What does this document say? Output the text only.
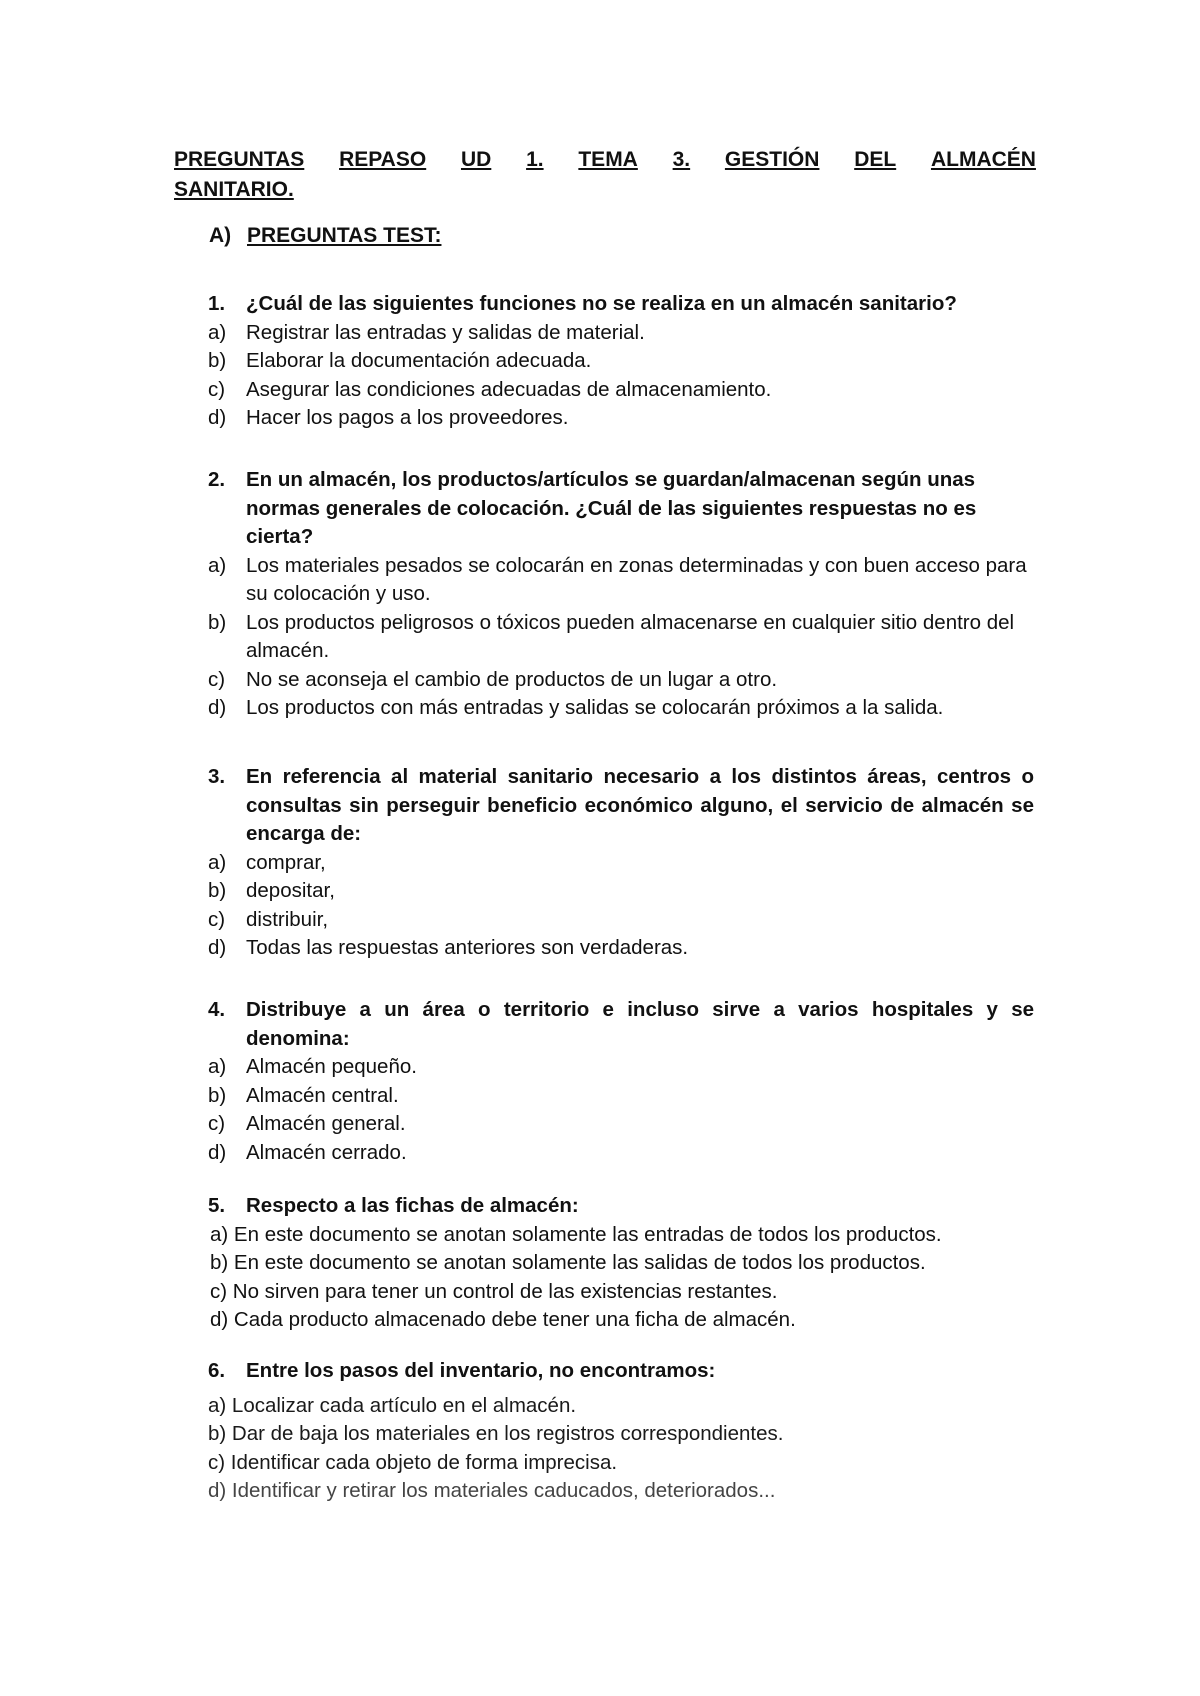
PREGUNTAS REPASO UD 1. TEMA 3. GESTIÓN DEL ALMACÉN
SANITARIO.
A) PREGUNTAS TEST:
1.	¿Cuál de las siguientes funciones no se realiza en un almacén sanitario?
a) Registrar las entradas y salidas de material.
b) Elaborar la documentación adecuada.
c)	Asegurar las condiciones adecuadas de almacenamiento.
d) Hacer los pagos a los proveedores.
2.	En un almacén, los productos/artículos se guardan/almacenan según unas normas generales de colocación. ¿Cuál de las siguientes respuestas no es cierta?
a) Los materiales pesados se colocarán en zonas determinadas y con buen acceso para su colocación y uso.
b) Los productos peligrosos o tóxicos pueden almacenarse en cualquier sitio dentro del almacén.
c)	No se aconseja el cambio de productos de un lugar a otro.
d) Los productos con más entradas y salidas se colocarán próximos a la salida.
3.	En referencia al material sanitario necesario a los distintos áreas, centros o consultas sin perseguir beneficio económico alguno, el servicio de almacén se encarga de:
a) comprar,
b) depositar,
c)	distribuir,
d) Todas las respuestas anteriores son verdaderas.
4.	Distribuye a un área o territorio e incluso sirve a varios hospitales y se denomina:
a) Almacén pequeño.
b) Almacén central.
c)	Almacén general.
d) Almacén cerrado.
5.	Respecto a las fichas de almacén:
a) En este documento se anotan solamente las entradas de todos los productos.
b) En este documento se anotan solamente las salidas de todos los productos.
c) No sirven para tener un control de las existencias restantes.
d) Cada producto almacenado debe tener una ficha de almacén.
6.	Entre los pasos del inventario, no encontramos:
a) Localizar cada artículo en el almacén.
b) Dar de baja los materiales en los registros correspondientes.
c) Identificar cada objeto de forma imprecisa.
d) Identificar y retirar los materiales caducados, deteriorados...
